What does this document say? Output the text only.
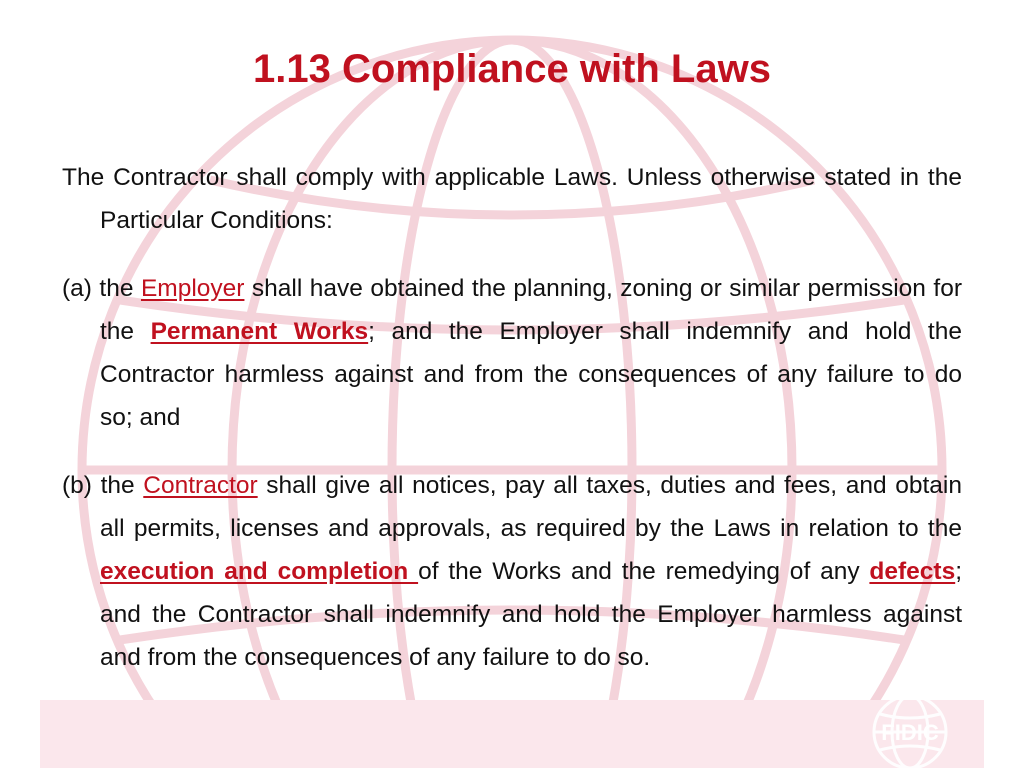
FIDIC
1.13 Compliance with Laws

The Contractor shall comply with applicable Laws. Unless otherwise stated in the Particular Conditions:

(a) the Employer shall have obtained the planning, zoning or similar permission for the Permanent Works; and the Employer shall indemnify and hold the Contractor harmless against and from the consequences of any failure to do so; and

(b) the Contractor shall give all notices, pay all taxes, duties and fees, and obtain all permits, licenses and approvals, as required by the Laws in relation to the execution and completion of the Works and the remedying of any defects; and the Contractor shall indemnify and hold the Employer harmless against and from the consequences of any failure to do so.
